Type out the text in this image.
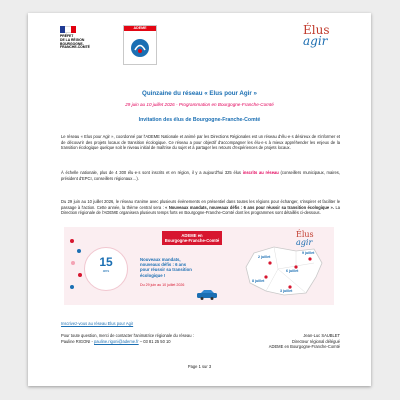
PRÉFET
DE LA RÉGION
BOURGOGNE-
FRANCHE-COMTÉ
ADEME	Élus
agir
Quinzaine du réseau « Elus pour Agir »
29 juin au 10 juillet 2026 - Programmation en Bourgogne-Franche-Comté
Invitation des élus de Bourgogne-Franche-Comté

Le réseau « Elus pour Agir », coordonné par l'ADEME Nationale et animé par les Directions Régionales est un réseau d'élu·e·s désireux de s'informer et de découvrir des projets locaux de transition écologique. Ce réseau a pour objectif d'accompagner les élu·e·s à mieux appréhender les enjeux de la transition écologique quelque soit le niveau initial de maîtrise du sujet et à partager les retours d'expériences de projets locaux.

À échelle nationale, plus de 4 300 élu·e·s sont inscrits et en région, il y a aujourd'hui 325 élus inscrits au réseau (conseillers municipaux, maires, président d'EPCI, conseillers régionaux…).

Du 29 juin au 10 juillet 2026, le réseau s'anime avec plusieurs évènements en présentiel dans toutes les régions pour échanger, s'inspirer et faciliter le passage à l'action. Cette année, la thème central sera : « Nouveaux mandats, nouveaux défis : 6 ans pour réussir sa transition écologique ». La Direction régionale de l'ADEME organisera plusieurs temps forts en Bourgogne-Franche-Comté dont les programmes sont détaillés ci-dessous.

ADEME en
Bourgogne-Franche-Comté
15
ans
Nouveaux mandats, nouveaux défis : 6 ans pour réussir sa transition écologique !
Du 29 juin au 10 juillet 2026
Élus
agir
2 juillet
8 juillet
6 juillet
9 juillet
3 juillet
Inscrivez-vous au réseau Elus pour Agir

Pour toute question, merci de contacter l'animatrice régionale du réseau :
Pauline RIGONI - pauline.rigoni@ademe.fr – 03 81 25 50 10

Jean-Luc SAUBLET
Directeur régional délégué
ADEME en Bourgogne-Franche-Comté
Page 1 sur 3
